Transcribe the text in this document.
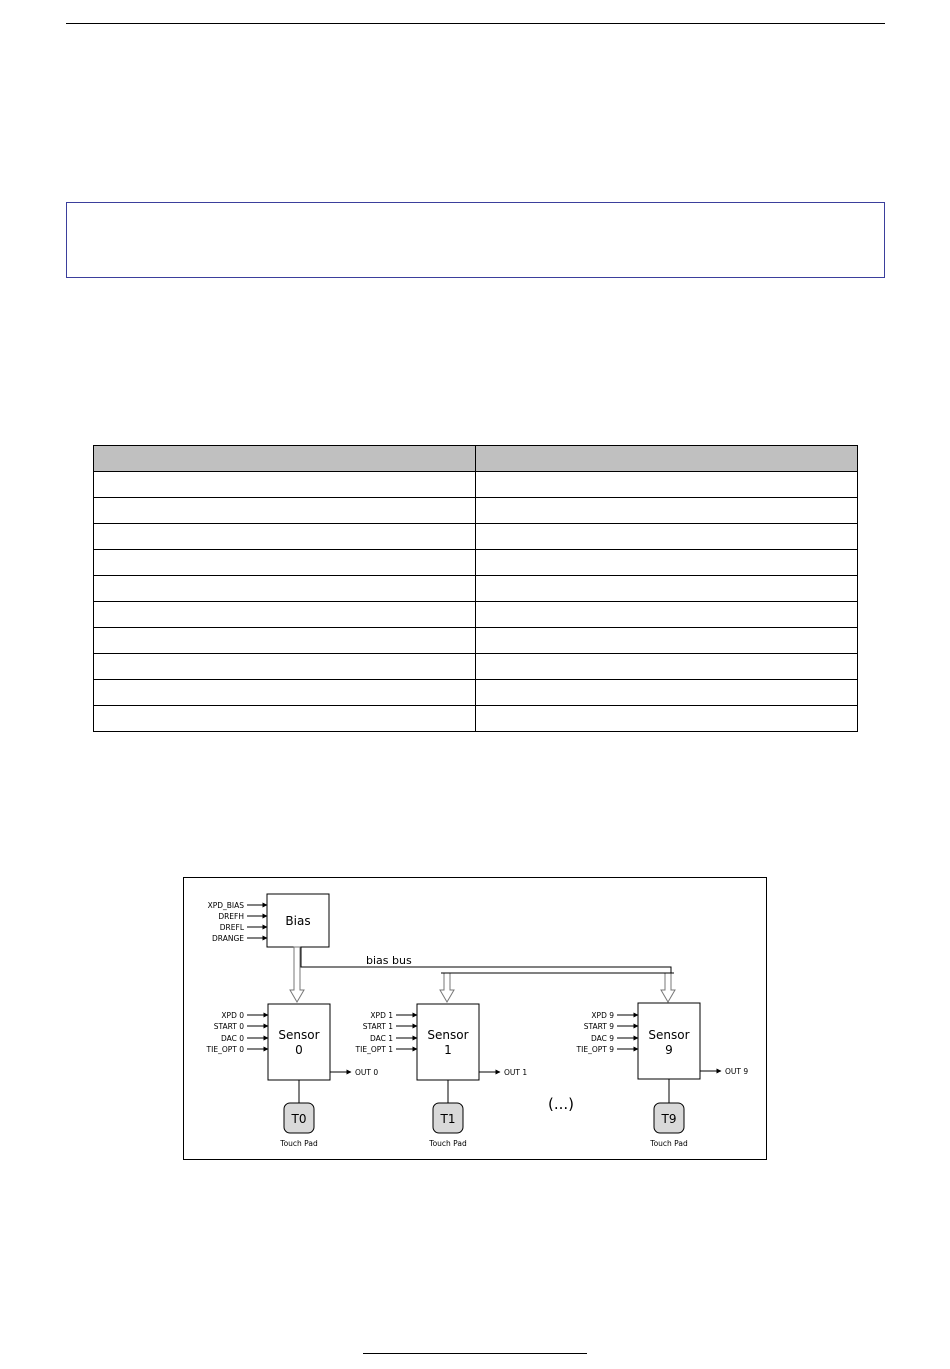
Bias
XPD_BIAS
DREFH
DREFL
DRANGE
bias bus
Sensor
0
XPD 0
START 0
DAC 0
TIE_OPT 0
OUT 0
T0
Touch Pad
Sensor
1
XPD 1
START 1
DAC 1
TIE_OPT 1
OUT 1
T1
Touch Pad
(...)
Sensor
9
XPD 9
START 9
DAC 9
TIE_OPT 9
OUT 9
T9
Touch Pad
